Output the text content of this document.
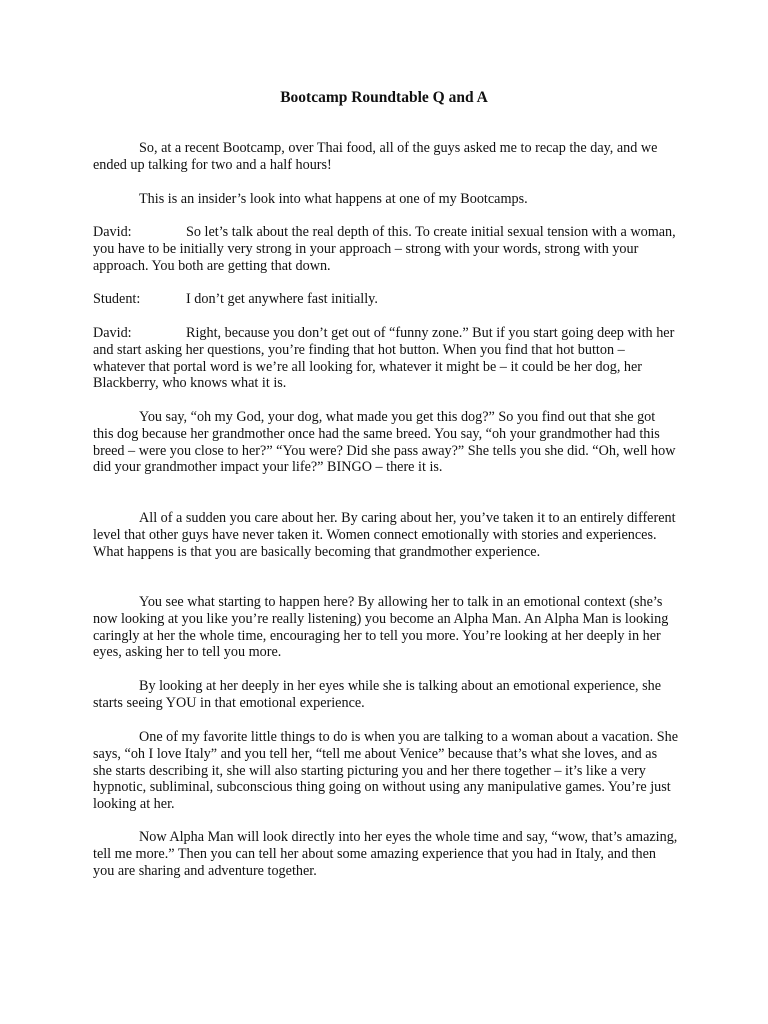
Bootcamp Roundtable Q and A

So, at a recent Bootcamp, over Thai food, all of the guys asked me to recap the day, and we ended up talking for two and a half hours!

This is an insider’s look into what happens at one of my Bootcamps.

David:	So let’s talk about the real depth of this. To create initial sexual tension with a woman, you have to be initially very strong in your approach – strong with your words, strong with your approach. You both are getting that down.
Student:	I don’t get anywhere fast initially.
David:	Right, because you don’t get out of “funny zone.” But if you start going deep with her and start asking her questions, you’re finding that hot button. When you find that hot button – whatever that portal word is we’re all looking for, whatever it might be – it could be her dog, her Blackberry, who knows what it is.

You say, “oh my God, your dog, what made you get this dog?” So you find out that she got this dog because her grandmother once had the same breed. You say, “oh your grandmother had this breed – were you close to her?” “You were? Did she pass away?” She tells you she did. “Oh, well how did your grandmother impact your life?” BINGO – there it is.

All of a sudden you care about her. By caring about her, you’ve taken it to an entirely different level that other guys have never taken it. Women connect emotionally with stories and experiences. What happens is that you are basically becoming that grandmother experience.

You see what starting to happen here? By allowing her to talk in an emotional context (she’s now looking at you like you’re really listening) you become an Alpha Man. An Alpha Man is looking caringly at her the whole time, encouraging her to tell you more. You’re looking at her deeply in her eyes, asking her to tell you more.

By looking at her deeply in her eyes while she is talking about an emotional experience, she starts seeing YOU in that emotional experience.

One of my favorite little things to do is when you are talking to a woman about a vacation. She says, “oh I love Italy” and you tell her, “tell me about Venice” because that’s what she loves, and as she starts describing it, she will also starting picturing you and her there together – it’s like a very hypnotic, subliminal, subconscious thing going on without using any manipulative games. You’re just looking at her.

Now Alpha Man will look directly into her eyes the whole time and say, “wow, that’s amazing, tell me more.” Then you can tell her about some amazing experience that you had in Italy, and then you are sharing and adventure together.
